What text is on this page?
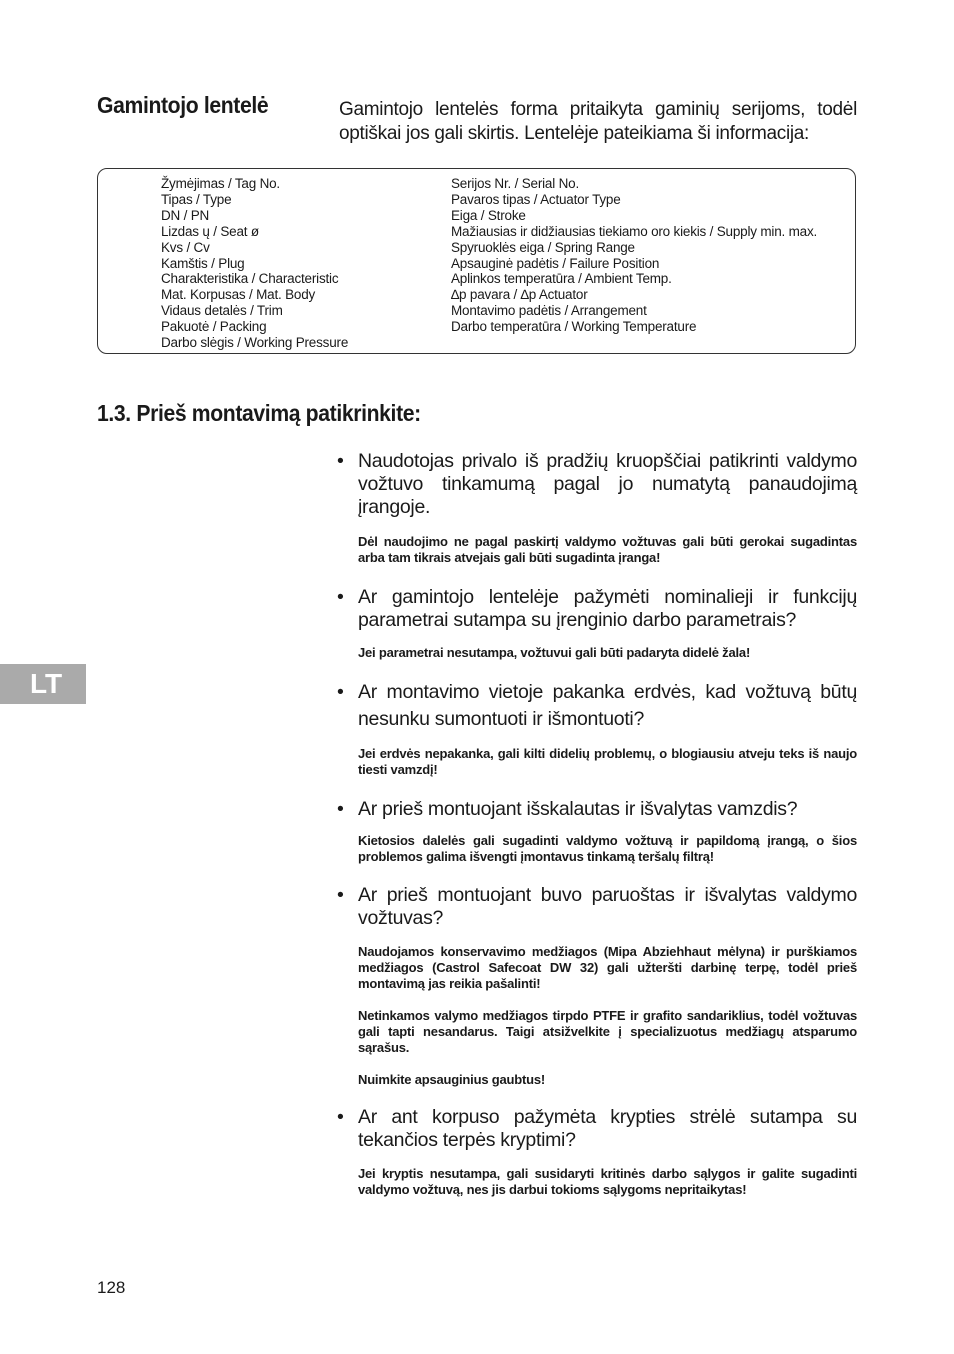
Gamintojo lentelė	Gamintojo lentelės forma pritaikyta gaminių serijoms, todėl optiškai jos gali skirtis. Lentelėje pateikiama ši informacija:
Žymėjimas / Tag No.
Tipas / Type
DN / PN
Lizdas ų / Seat ø
Kvs / Cv
Kamštis / Plug
Charakteristika / Characteristic
Mat. Korpusas / Mat. Body
Vidaus detalės / Trim
Pakuotė / Packing
Darbo slėgis / Working Pressure
Serijos Nr. / Serial No.
Pavaros tipas / Actuator Type
Eiga / Stroke
Mažiausias ir didžiausias tiekiamo oro kiekis / Supply min. max.
Spyruoklės eiga / Spring Range
Apsauginė padėtis / Failure Position
Aplinkos temperatūra / Ambient Temp.
∆p pavara / ∆p Actuator
Montavimo padėtis / Arrangement
Darbo temperatūra / Working Temperature
1.3. Prieš montavimą patikrinkite:
LT
• Naudotojas privalo iš pradžių kruopščiai patikrinti valdymo vožtuvo tinkamumą pagal jo numatytą panaudojimą įrangoje.
Dėl naudojimo ne pagal paskirtį valdymo vožtuvas gali būti gerokai sugadintas arba tam tikrais atvejais gali būti sugadinta įranga!
• Ar gamintojo lentelėje pažymėti nominalieji ir funkcijų parametrai sutampa su įrenginio darbo parametrais?
Jei parametrai nesutampa, vožtuvui gali būti padaryta didelė žala!
• Ar montavimo vietoje pakanka erdvės, kad vožtuvą būtų nesunku sumontuoti ir išmontuoti?
Jei erdvės nepakanka, gali kilti didelių problemų, o blogiausiu atveju teks iš naujo tiesti vamzdį!
• Ar prieš montuojant išskalautas ir išvalytas vamzdis?
Kietosios dalelės gali sugadinti valdymo vožtuvą ir papildomą įrangą, o šios problemos galima išvengti įmontavus tinkamą teršalų filtrą!
• Ar prieš montuojant buvo paruoštas ir išvalytas valdymo vožtuvas?
Naudojamos konservavimo medžiagos (Mipa Abziehhaut mėlyna) ir purškiamos medžiagos (Castrol Safecoat DW 32) gali užteršti darbinę terpę, todėl prieš montavimą jas reikia pašalinti!
Netinkamos valymo medžiagos tirpdo PTFE ir grafito sandariklius, todėl vožtuvas gali tapti nesandarus. Taigi atsižvelkite į specializuotus medžiagų atsparumo sąrašus.
Nuimkite apsauginius gaubtus!
• Ar ant korpuso pažymėta krypties strėlė sutampa su tekančios terpės kryptimi?
Jei kryptis nesutampa, gali susidaryti kritinės darbo sąlygos ir galite sugadinti valdymo vožtuvą, nes jis darbui tokioms sąlygoms nepritaikytas!
128
